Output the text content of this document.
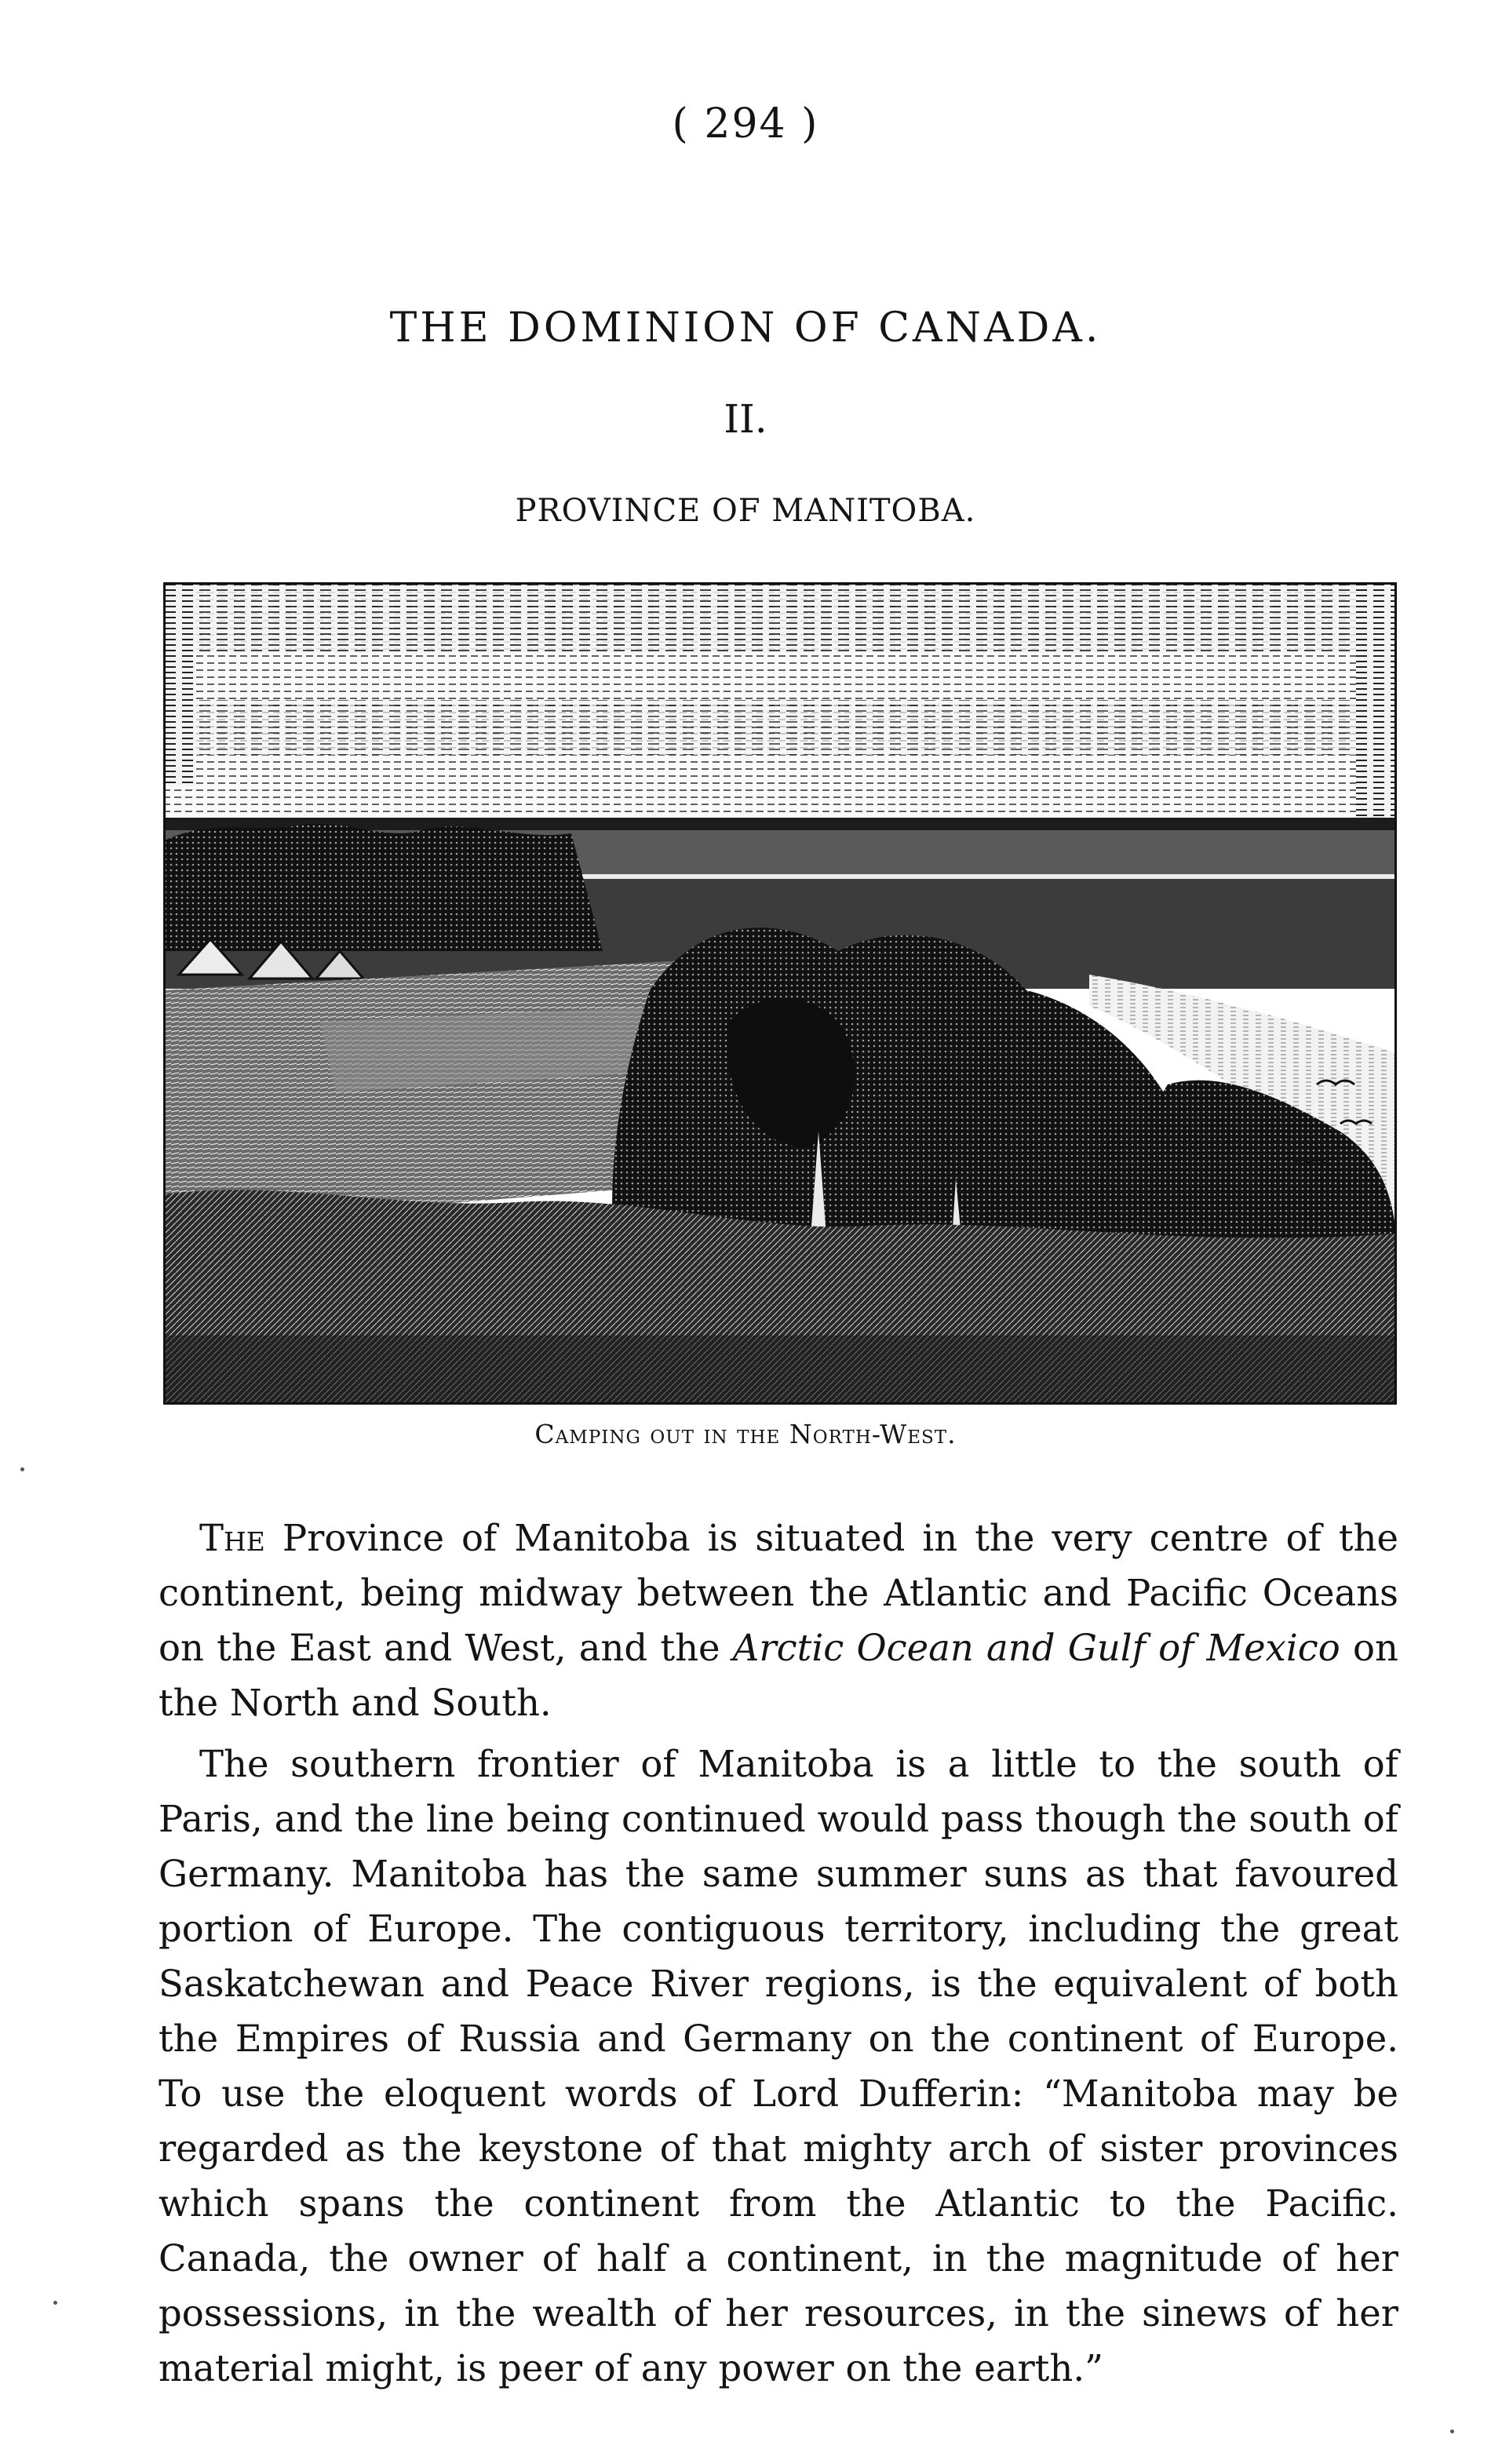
( 294 )
THE DOMINION OF CANADA.
II.
PROVINCE OF MANITOBA.
Camping out in the North-West.

The Province of Manitoba is situated in the very centre of the continent, being midway between the Atlantic and Pacific Oceans on the East and West, and the Arctic Ocean and Gulf of Mexico on the North and South.

The southern frontier of Manitoba is a little to the south of Paris, and the line being continued would pass though the south of Germany. Manitoba has the same summer suns as that favoured portion of Europe. The contiguous territory, including the great Saskatchewan and Peace River regions, is the equivalent of both the Empires of Russia and Germany on the continent of Europe. To use the eloquent words of Lord Dufferin: “Manitoba may be regarded as the keystone of that mighty arch of sister provinces which spans the continent from the Atlantic to the Pacific. Canada, the owner of half a continent, in the magnitude of her possessions, in the wealth of her resources, in the sinews of her material might, is peer of any power on the earth.”
